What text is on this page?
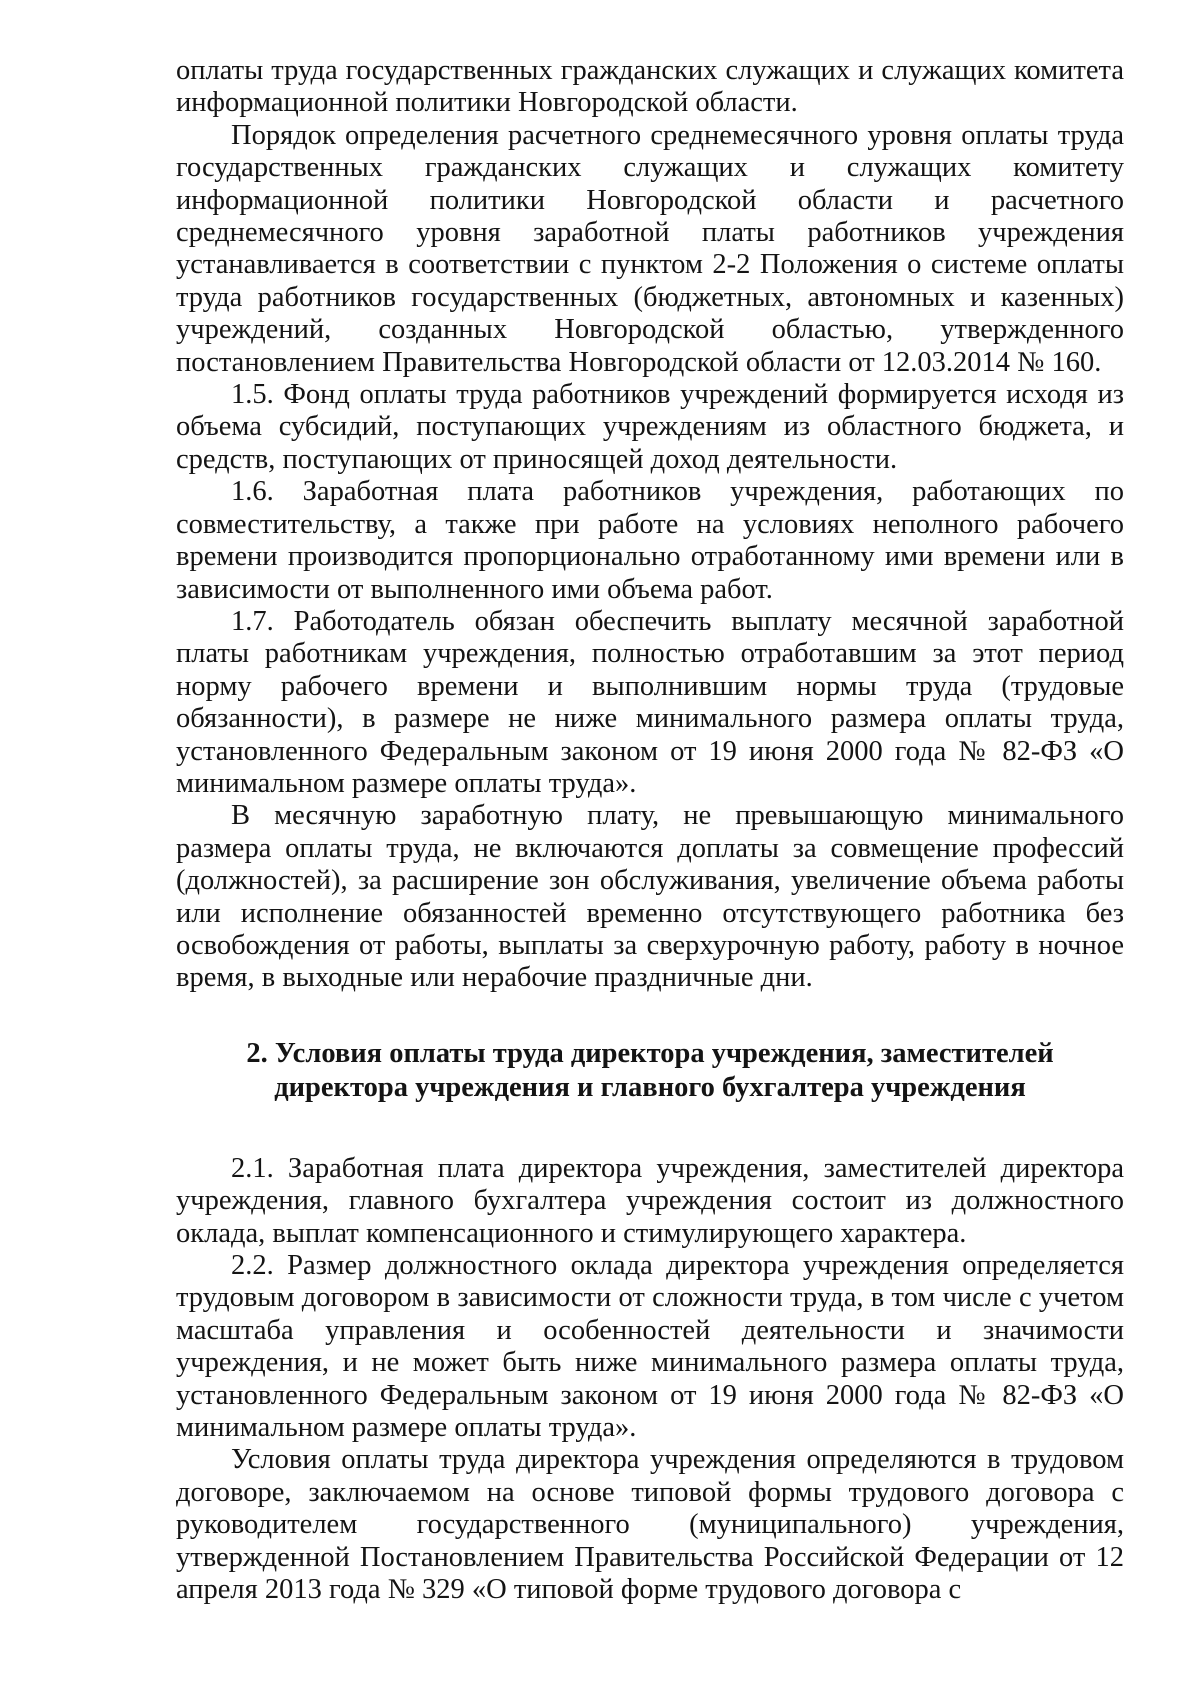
оплаты труда государственных гражданских служащих и служащих комитета информационной политики Новгородской области.

Порядок определения расчетного среднемесячного уровня оплаты труда государственных гражданских служащих и служащих комитету информационной политики Новгородской области и расчетного среднемесячного уровня заработной платы работников учреждения устанавливается в соответствии с пунктом 2-2 Положения о системе оплаты труда работников государственных (бюджетных, автономных и казенных) учреждений, созданных Новгородской областью, утвержденного постановлением Правительства Новгородской области от 12.03.2014 № 160.

1.5. Фонд оплаты труда работников учреждений формируется исходя из объема субсидий, поступающих учреждениям из областного бюджета, и средств, поступающих от приносящей доход деятельности.

1.6. Заработная плата работников учреждения, работающих по совместительству, а также при работе на условиях неполного рабочего времени производится пропорционально отработанному ими времени или в зависимости от выполненного ими объема работ.

1.7. Работодатель обязан обеспечить выплату месячной заработной платы работникам учреждения, полностью отработавшим за этот период норму рабочего времени и выполнившим нормы труда (трудовые обязанности), в размере не ниже минимального размера оплаты труда, установленного Федеральным законом от 19 июня 2000 года № 82-ФЗ «О минимальном размере оплаты труда».

В месячную заработную плату, не превышающую минимального размера оплаты труда, не включаются доплаты за совмещение профессий (должностей), за расширение зон обслуживания, увеличение объема работы или исполнение обязанностей временно отсутствующего работника без освобождения от работы, выплаты за сверхурочную работу, работу в ночное время, в выходные или нерабочие праздничные дни.

2. Условия оплаты труда директора учреждения, заместителей
директора учреждения и главного бухгалтера учреждения

2.1. Заработная плата директора учреждения, заместителей директора учреждения, главного бухгалтера учреждения состоит из должностного оклада, выплат компенсационного и стимулирующего характера.

2.2. Размер должностного оклада директора учреждения определяется трудовым договором в зависимости от сложности труда, в том числе с учетом масштаба управления и особенностей деятельности и значимости учреждения, и не может быть ниже минимального размера оплаты труда, установленного Федеральным законом от 19 июня 2000 года № 82-ФЗ «О минимальном размере оплаты труда».

Условия оплаты труда директора учреждения определяются в трудовом договоре, заключаемом на основе типовой формы трудового договора с руководителем государственного (муниципального) учреждения, утвержденной Постановлением Правительства Российской Федерации от 12 апреля 2013 года № 329 «О типовой форме трудового договора с
